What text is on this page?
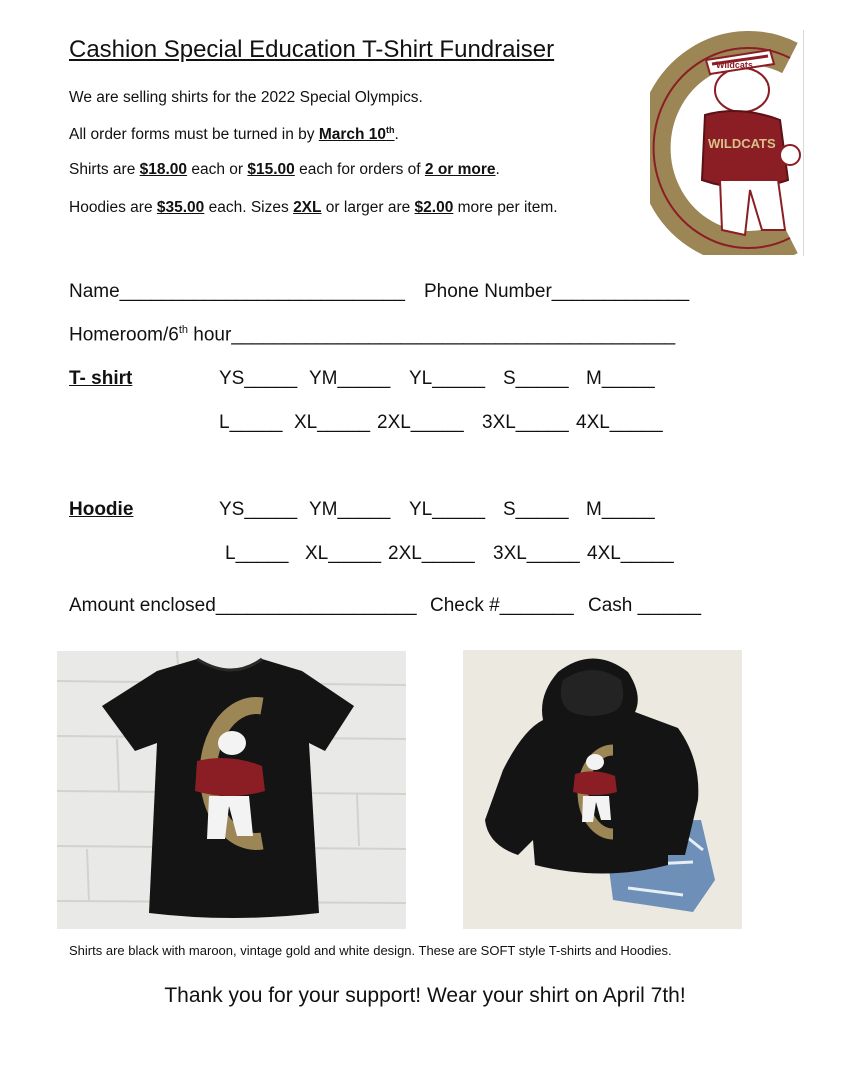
Cashion Special Education T-Shirt Fundraiser
We are selling shirts for the 2022 Special Olympics.
All order forms must be turned in by March 10th.
Shirts are $18.00 each or $15.00 each for orders of 2 or more.
Hoodies are $35.00 each. Sizes 2XL or larger are $2.00 more per item.
Wildcats
WILDCATS
Name___________________________ Phone Number_____________
Homeroom/6th hour__________________________________________
T- shirt	YS_____ YM_____ YL_____ S_____ M_____
L_____ XL_____ 2XL_____ 3XL_____ 4XL_____
Hoodie	YS_____ YM_____ YL_____ S_____ M_____
L_____ XL_____ 2XL_____ 3XL_____ 4XL_____
Amount enclosed___________________ Check #_______ Cash ______
Shirts are black with maroon, vintage gold and white design. These are SOFT style T-shirts and Hoodies.
Thank you for your support! Wear your shirt on April 7th!
